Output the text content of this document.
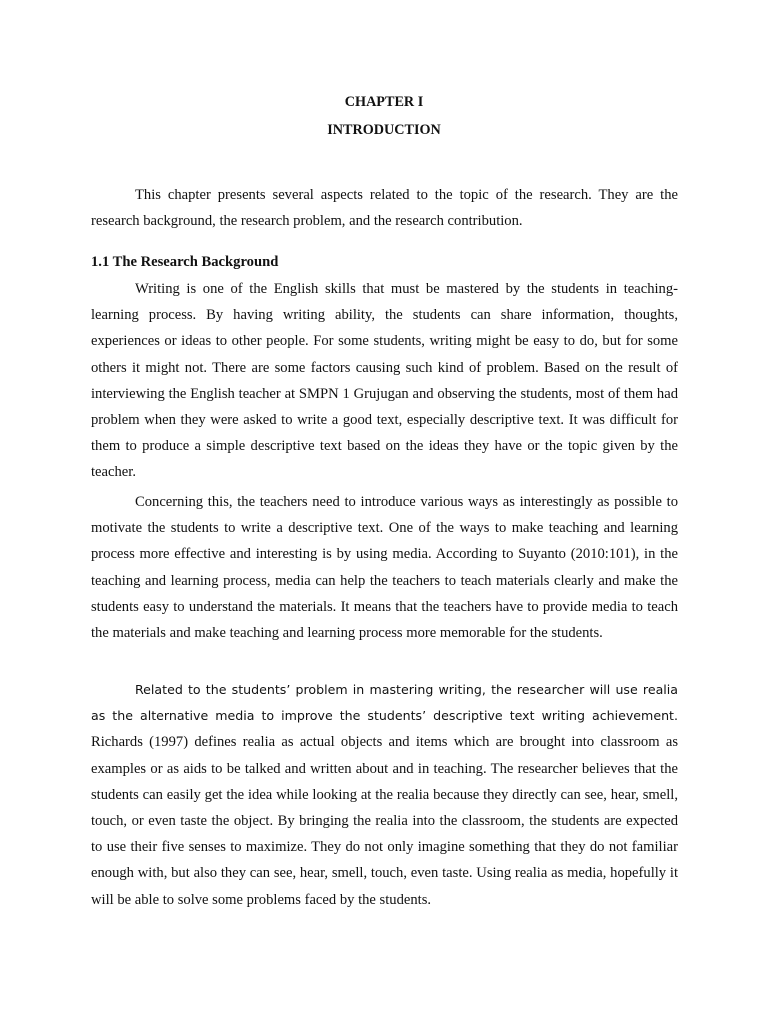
CHAPTER I
INTRODUCTION

This chapter presents several aspects related to the topic of the research. They are the research background, the research problem, and the research contribution.

1.1 The Research Background

Writing is one of the English skills that must be mastered by the students in teaching-learning process. By having writing ability, the students can share information, thoughts, experiences or ideas to other people. For some students, writing might be easy to do, but for some others it might not. There are some factors causing such kind of problem. Based on the result of interviewing the English teacher at SMPN 1 Grujugan and observing the students, most of them had problem when they were asked to write a good text, especially descriptive text. It was difficult for them to produce a simple descriptive text based on the ideas they have or the topic given by the teacher.

Concerning this, the teachers need to introduce various ways as interestingly as possible to motivate the students to write a descriptive text. One of the ways to make teaching and learning process more effective and interesting is by using media. According to Suyanto (2010:101), in the teaching and learning process, media can help the teachers to teach materials clearly and make the students easy to understand the materials. It means that the teachers have to provide media to teach the materials and make teaching and learning process more memorable for the students.

Related to the students’ problem in mastering writing, the researcher will use realia as the alternative media to improve the students’ descriptive text writing achievement. Richards (1997) defines realia as actual objects and items which are brought into classroom as examples or as aids to be talked and written about and in teaching. The researcher believes that the students can easily get the idea while looking at the realia because they directly can see, hear, smell, touch, or even taste the object. By bringing the realia into the classroom, the students are expected to use their five senses to maximize. They do not only imagine something that they do not familiar enough with, but also they can see, hear, smell, touch, even taste. Using realia as media, hopefully it will be able to solve some problems faced by the students.
